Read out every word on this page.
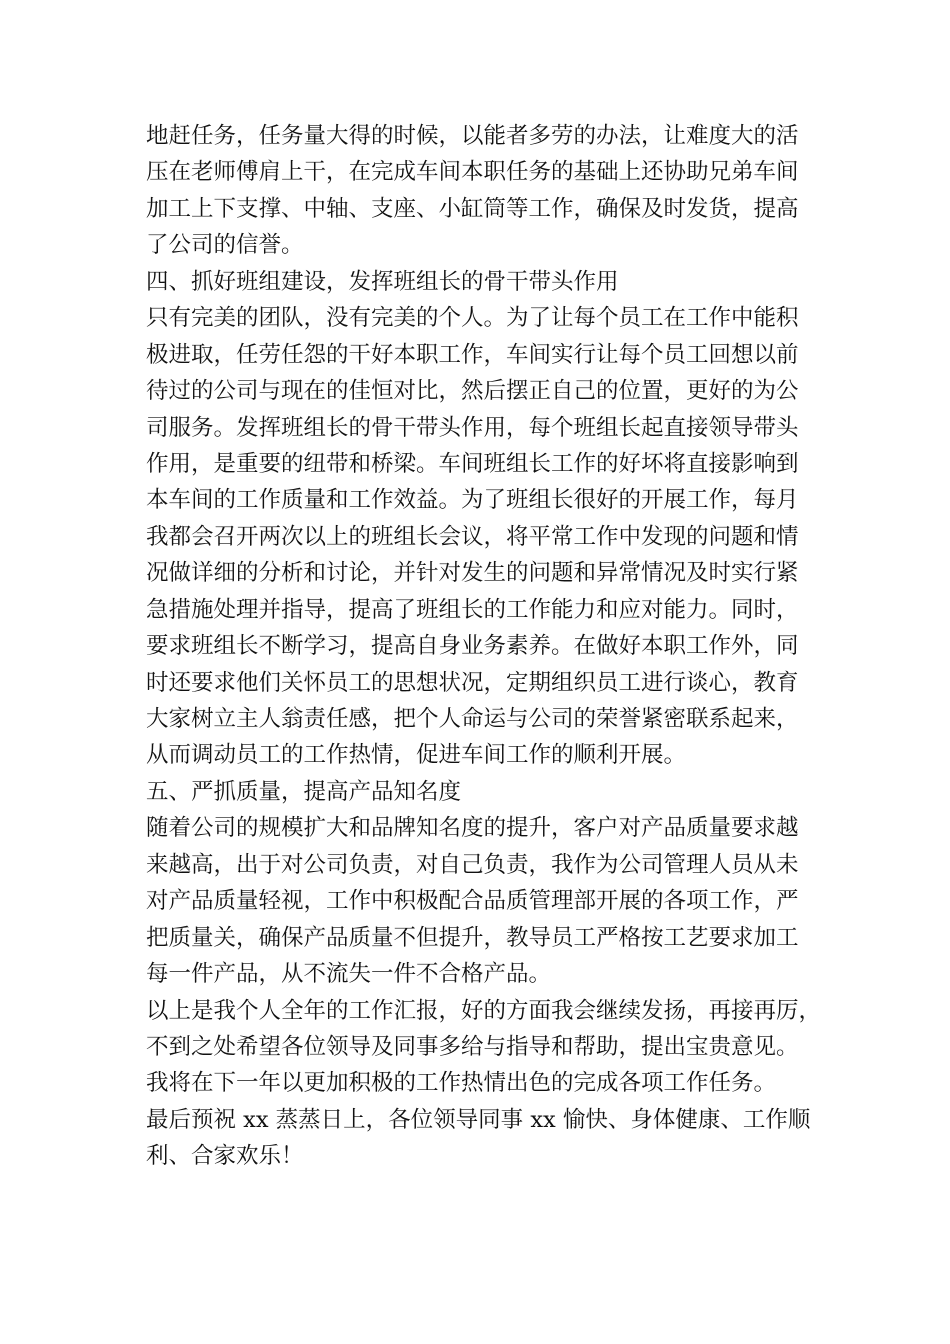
地赶任务，任务量大得的时候，以能者多劳的办法，让难度大的活
压在老师傅肩上干，在完成车间本职任务的基础上还协助兄弟车间
加工上下支撑、中轴、支座、小缸筒等工作，确保及时发货，提高
了公司的信誉。
四、抓好班组建设，发挥班组长的骨干带头作用
只有完美的团队，没有完美的个人。为了让每个员工在工作中能积
极进取，任劳任怨的干好本职工作，车间实行让每个员工回想以前
待过的公司与现在的佳恒对比，然后摆正自己的位置，更好的为公
司服务。发挥班组长的骨干带头作用，每个班组长起直接领导带头
作用，是重要的纽带和桥梁。车间班组长工作的好坏将直接影响到
本车间的工作质量和工作效益。为了班组长很好的开展工作，每月
我都会召开两次以上的班组长会议，将平常工作中发现的问题和情
况做详细的分析和讨论，并针对发生的问题和异常情况及时实行紧
急措施处理并指导，提高了班组长的工作能力和应对能力。同时，
要求班组长不断学习，提高自身业务素养。在做好本职工作外，同
时还要求他们关怀员工的思想状况，定期组织员工进行谈心，教育
大家树立主人翁责任感，把个人命运与公司的荣誉紧密联系起来，
从而调动员工的工作热情，促进车间工作的顺利开展。
五、严抓质量，提高产品知名度
随着公司的规模扩大和品牌知名度的提升，客户对产品质量要求越
来越高，出于对公司负责，对自己负责，我作为公司管理人员从未
对产品质量轻视，工作中积极配合品质管理部开展的各项工作，严
把质量关，确保产品质量不但提升，教导员工严格按工艺要求加工
每一件产品，从不流失一件不合格产品。
以上是我个人全年的工作汇报，好的方面我会继续发扬，再接再厉，
不到之处希望各位领导及同事多给与指导和帮助，提出宝贵意见。
我将在下一年以更加积极的工作热情出色的完成各项工作任务。
最后预祝 xx 蒸蒸日上，各位领导同事 xx 愉快、身体健康、工作顺
利、合家欢乐！
